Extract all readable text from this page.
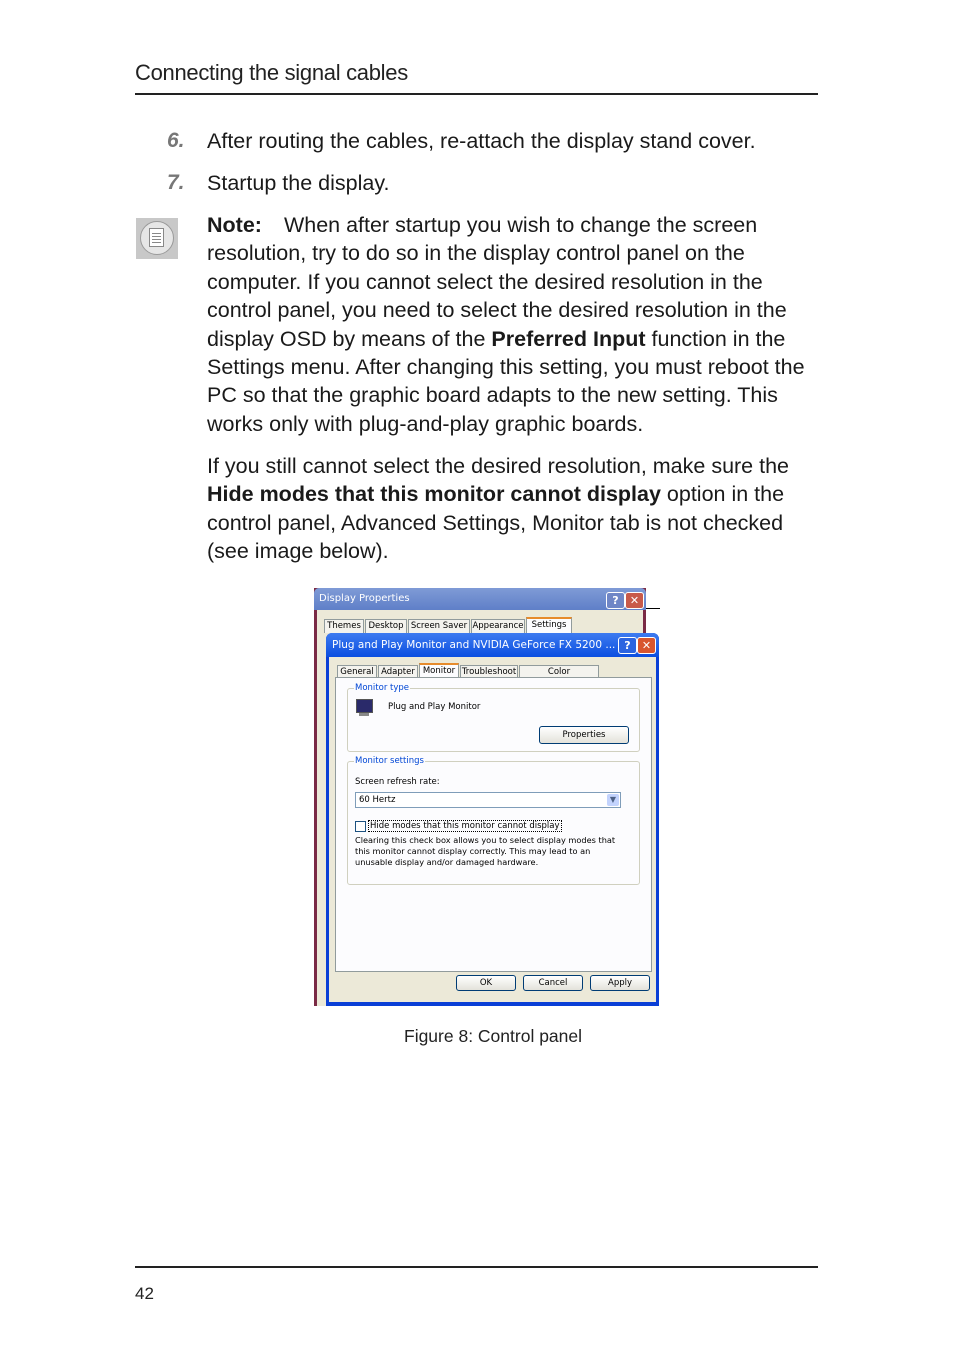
Connecting the signal cables
6. After routing the cables, re-attach the display stand cover.
7. Startup the display.
Note: When after startup you wish to change the screen resolution, try to do so in the display control panel on the computer. If you cannot select the desired resolution in the control panel, you need to select the desired resolution in the display OSD by means of the Preferred Input function in the Settings menu. After changing this setting, you must reboot the PC so that the graphic board adapts to the new setting. This works only with plug-and-play graphic boards.
If you still cannot select the desired resolution, make sure the Hide modes that this monitor cannot display option in the control panel, Advanced Settings, Monitor tab is not checked (see image below).
Display Properties	?	✕
Themes Desktop Screen Saver Appearance Settings
Plug and Play Monitor and NVIDIA GeForce FX 5200 ... ?	✕
General Adapter Monitor Troubleshoot	Color
Monitor type
Plug and Play Monitor
Properties
Monitor settings
Screen refresh rate:
60 Hertz	▼
Hide modes that this monitor cannot display
Clearing this check box allows you to select display modes that this monitor cannot display correctly. This may lead to an unusable display and/or damaged hardware.
OK	Cancel	Apply
Figure 8: Control panel
42
